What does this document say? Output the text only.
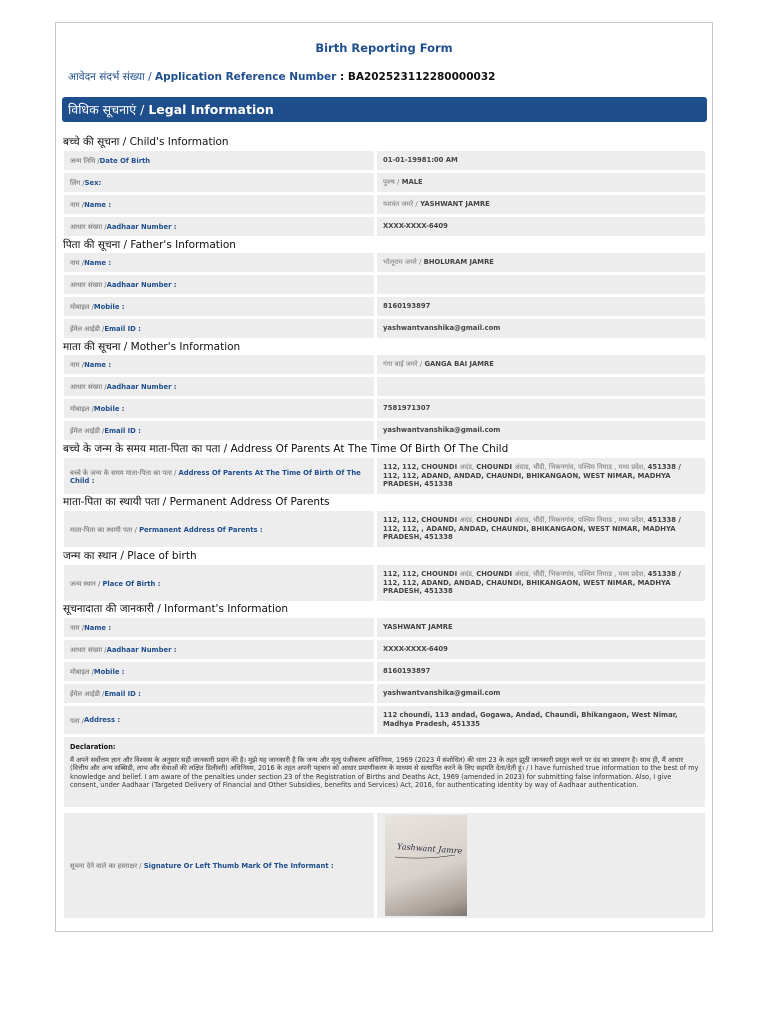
Birth Reporting Form
आवेदन संदर्भ संख्या / Application Reference Number : BA202523112280000032
विधिक सूचनाएं / Legal Information
बच्चे की सूचना / Child's Information
जन्म तिथि / Date Of Birth	01-01-19981:00 AM
लिंग / Sex:	पुरुष /
MALE
नाम / Name :	यशवंत जमरे /
YASHWANT JAMRE
आधार संख्या / Aadhaar Number :	XXXX-XXXX-6409
पिता की सूचना / Father's Information
नाम / Name :	भोलूराम जमरे /
BHOLURAM JAMRE
आधार संख्या / Aadhaar Number :
मोबाइल / Mobile :	8160193897
ईमेल आईडी / Email ID :	yashwantvanshika@gmail.com
माता की सूचना / Mother's Information
नाम / Name :	गंगा बाई जमरे /
GANGA BAI JAMRE
आधार संख्या / Aadhaar Number :
मोबाइल / Mobile :	7581971307
ईमेल आईडी / Email ID :	yashwantvanshika@gmail.com
बच्चे के जन्म के समय माता-पिता का पता / Address Of Parents At The Time Of Birth Of The Child
बच्चे के जन्म के समय माता-पिता का पता / Address Of Parents At The Time Of Birth Of The Child :
112, 112, CHOUNDI अदंड, CHOUNDI अंदाड, चौंदी, भिकनगांव, पश्चिम निमाड , मध्य प्रदेश, 451338 / 112, 112, ADAND, ANDAD, CHAUNDI, BHIKANGAON, WEST NIMAR, MADHYA PRADESH, 451338
माता-पिता का स्थायी पता / Permanent Address Of Parents
माता-पिता का स्थायी पता / Permanent Address Of Parents :
112, 112, CHOUNDI अदंड, CHOUNDI अंदाड, चौंदी, भिकनगांव, पश्चिम निमाड , मध्य प्रदेश, 451338 / 112, 112, , ADAND, ANDAD, CHAUNDI, BHIKANGAON, WEST NIMAR, MADHYA PRADESH, 451338
जन्म का स्थान / Place of birth
जन्म स्थान / Place Of Birth :
112, 112, CHOUNDI अदंड, CHOUNDI अंदाड, चौंदी, भिकनगांव, पश्चिम निमाड , मध्य प्रदेश, 451338 / 112, 112, ADAND, ANDAD, CHAUNDI, BHIKANGAON, WEST NIMAR, MADHYA PRADESH, 451338
सूचनादाता की जानकारी / Informant's Information
नाम / Name :	YASHWANT JAMRE
आधार संख्या / Aadhaar Number :	XXXX-XXXX-6409
मोबाइल / Mobile :	8160193897
ईमेल आईडी / Email ID :	yashwantvanshika@gmail.com
पता / Address :
112 choundi, 113 andad, Gogawa, Andad, Chaundi, Bhikangaon, West Nimar, Madhya Pradesh, 451335
Declaration:
मैं अपने सर्वोत्तम ज्ञान और विश्वास के अनुसार सही जानकारी प्रदान की है। मुझे यह जानकारी है कि जन्म और मृत्यु पंजीकरण अधिनियम, 1969 (2023 में संशोधित) की धारा 23 के तहत झूठी जानकारी प्रस्तुत करने पर दंड का प्रावधान है। साथ ही, मैं आधार (वित्तीय और अन्य सब्सिडी, लाभ और सेवाओं की लक्षित डिलीवरी) अधिनियम, 2016 के तहत अपनी पहचान को आधार प्रमाणीकरण के माध्यम से सत्यापित करने के लिए सहमति देता/देती हूं। / I have furnished true information to the best of my knowledge and belief. I am aware of the penalties under section 23 of the Registration of Births and Deaths Act, 1969 (amended in 2023) for submitting false information. Also, I give consent, under Aadhaar (Targeted Delivery of Financial and Other Subsidies, benefits and Services) Act, 2016, for authenticating identity by way of Aadhaar authentication.
सूचना देने वाले का हस्ताक्षर / Signature Or Left Thumb Mark Of The Informant :
Yashwant Jamre
